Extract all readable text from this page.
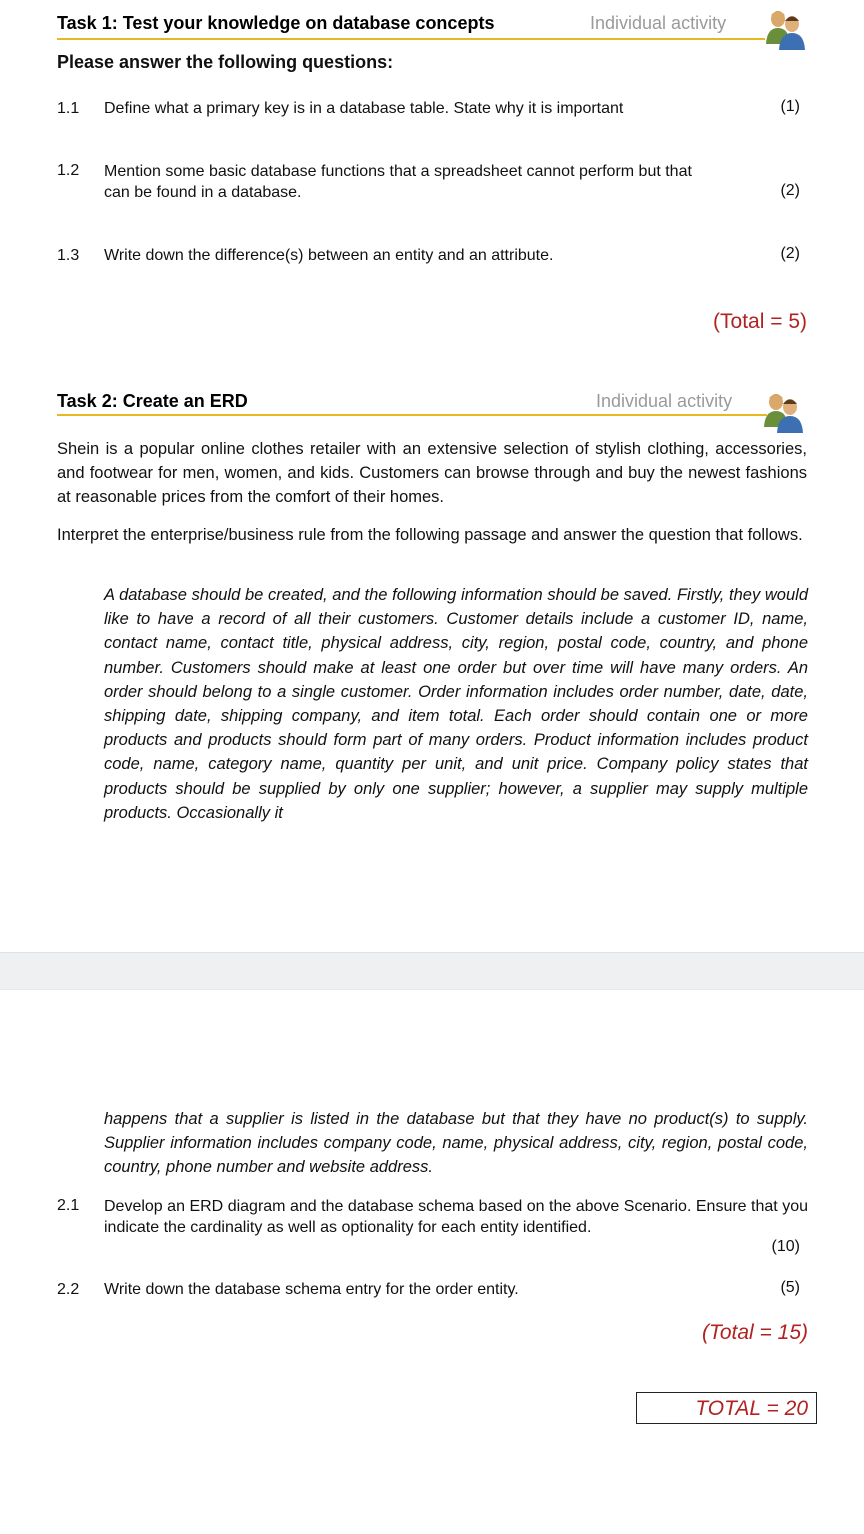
Task 1: Test your knowledge on database concepts	Individual activity
Please answer the following questions:
1.1 Define what a primary key is in a database table. State why it is important	(1)
1.2 Mention some basic database functions that a spreadsheet cannot perform but that
can be found in a database.	(2)
1.3 Write down the difference(s) between an entity and an attribute.	(2)
(Total = 5)
Task 2: Create an ERD	Individual activity
Shein is a popular online clothes retailer with an extensive selection of stylish clothing, accessories, and footwear for men, women, and kids. Customers can browse through and buy the newest fashions at reasonable prices from the comfort of their homes.
Interpret the enterprise/business rule from the following passage and answer the question that follows.
A database should be created, and the following information should be saved. Firstly, they would like to have a record of all their customers. Customer details include a customer ID, name, contact name, contact title, physical address, city, region, postal code, country, and phone number. Customers should make at least one order but over time will have many orders. An order should belong to a single customer. Order information includes order number, date, date, shipping date, shipping company, and item total. Each order should contain one or more products and products should form part of many orders. Product information includes product code, name, category name, quantity per unit, and unit price. Company policy states that products should be supplied by only one supplier; however, a supplier may supply multiple products. Occasionally it
happens that a supplier is listed in the database but that they have no product(s) to supply. Supplier information includes company code, name, physical address, city, region, postal code, country, phone number and website address.
2.1 Develop an ERD diagram and the database schema based on the above Scenario. Ensure that you indicate the cardinality as well as optionality for each entity identified.
(10)
2.2 Write down the database schema entry for the order entity.	(5)
(Total = 15)
TOTAL = 20
